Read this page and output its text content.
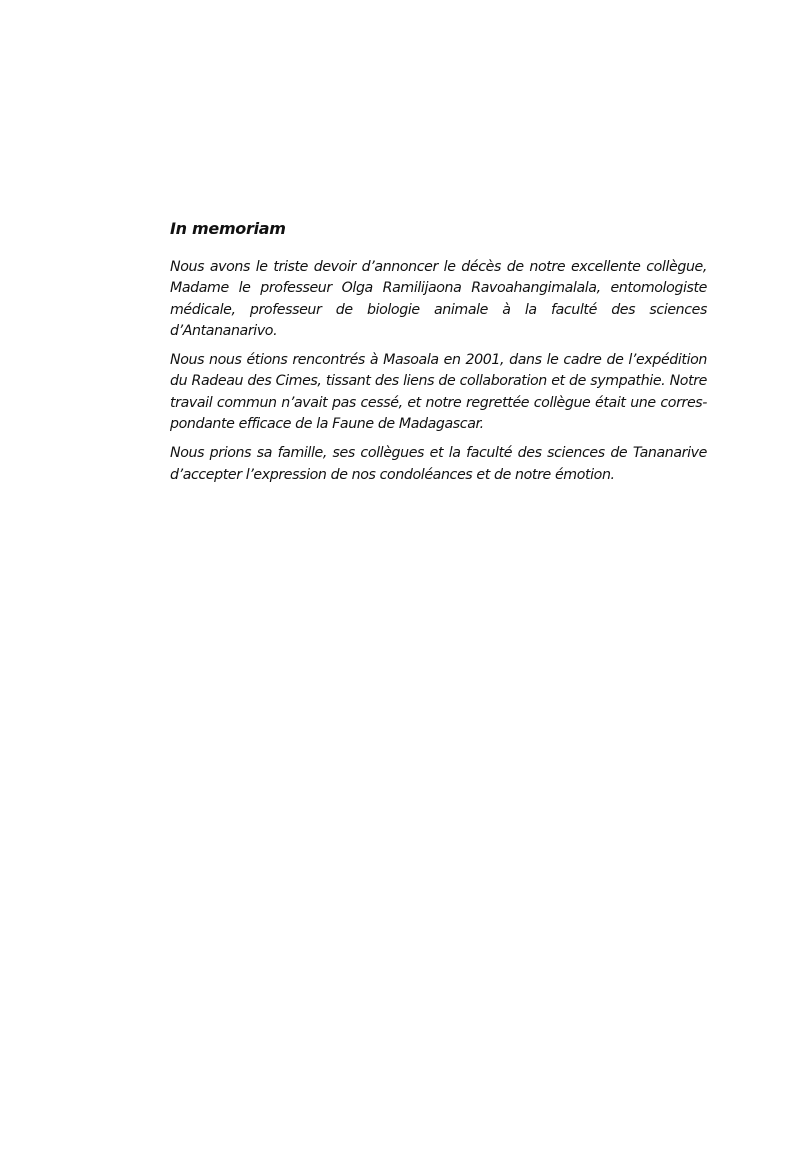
In memoriam

Nous avons le triste devoir d’annoncer le décès de notre excellente collègue, Madame le professeur Olga Ramilijaona Ravoahangimalala, entomologiste médicale, professeur de biologie animale à la faculté des sciences d’Antananarivo.

Nous nous étions rencontrés à Masoala en 2001, dans le cadre de l’expédition du Radeau des Cimes, tissant des liens de collaboration et de sympathie. Notre travail commun n’avait pas cessé, et notre regrettée collègue était une corres-pondante efficace de la Faune de Madagascar.

Nous prions sa famille, ses collègues et la faculté des sciences de Tananarive d’accepter l’expression de nos condoléances et de notre émotion.
